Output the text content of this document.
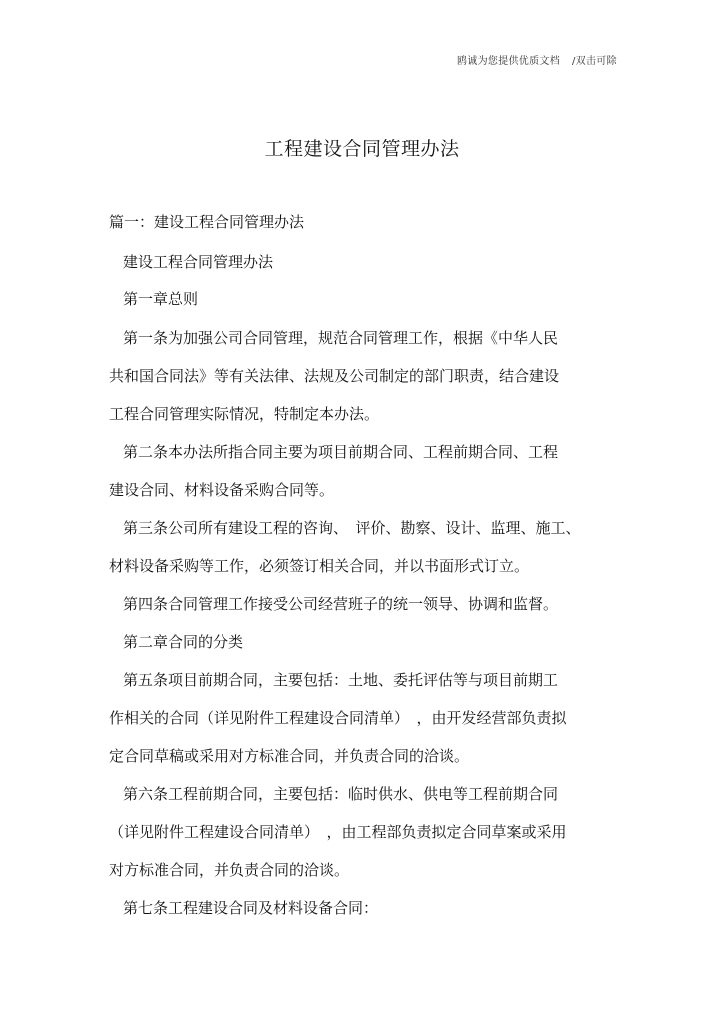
鸥诚为您提供优质文档 /双击可除
工程建设合同管理办法

篇一：建设工程合同管理办法

建设工程合同管理办法

第一章总则

第一条为加强公司合同管理，规范合同管理工作，根据《中华人民

共和国合同法》等有关法律、法规及公司制定的部门职责，结合建设

工程合同管理实际情况，特制定本办法。

第二条本办法所指合同主要为项目前期合同、工程前期合同、工程

建设合同、材料设备采购合同等。

第三条公司所有建设工程的咨询、　评价、勘察、设计、监理、施工、

材料设备采购等工作，必须签订相关合同，并以书面形式订立。

第四条合同管理工作接受公司经营班子的统一领导、协调和监督。

第二章合同的分类

第五条项目前期合同，主要包括：土地、委托评估等与项目前期工

作相关的合同（详见附件工程建设合同清单）　，由开发经营部负责拟

定合同草稿或采用对方标准合同，并负责合同的洽谈。

第六条工程前期合同，主要包括：临时供水、供电等工程前期合同

（详见附件工程建设合同清单）　，由工程部负责拟定合同草案或采用

对方标准合同，并负责合同的洽谈。

第七条工程建设合同及材料设备合同：
